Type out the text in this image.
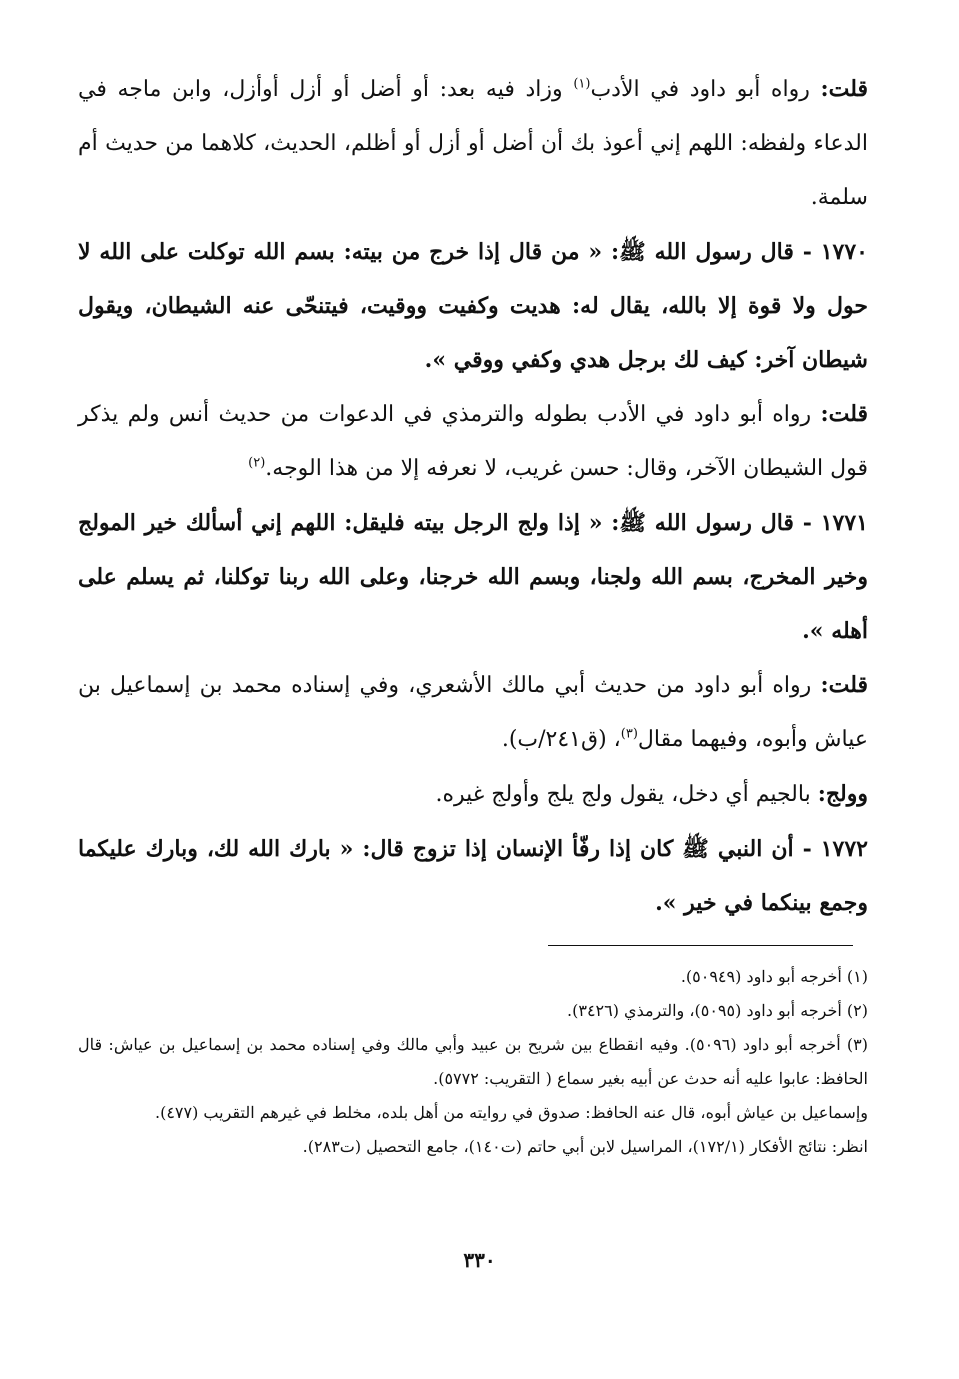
قلت: رواه أبو داود في الأدب$^{(١)}$ وزاد فيه بعد: أو أضل أو أزل أوأزل، وابن ماجه في الدعاء ولفظه: اللهم إني أعوذ بك أن أضل أو أزل أو أظلم، الحديث، كلاهما من حديث أم سلمة.

١٧٧٠ - قال رسول الله ﷺ: « من قال إذا خرج من بيته: بسم الله توكلت على الله لا حول ولا قوة إلا بالله، يقال له: هديت وكفيت ووقيت، فيتنحّى عنه الشيطان، ويقول شيطان آخر: كيف لك برجل هدي وكفي ووقي ».

قلت: رواه أبو داود في الأدب بطوله والترمذي في الدعوات من حديث أنس ولم يذكر قول الشيطان الآخر، وقال: حسن غريب، لا نعرفه إلا من هذا الوجه.$^{(٢)}$

١٧٧١ - قال رسول الله ﷺ: « إذا ولج الرجل بيته فليقل: اللهم إني أسألك خير المولج وخير المخرج، بسم الله ولجنا، وبسم الله خرجنا، وعلى الله ربنا توكلنا، ثم يسلم على أهله ».

قلت: رواه أبو داود من حديث أبي مالك الأشعري، وفي إسناده محمد بن إسماعيل بن عياش وأبوه، وفيهما مقال$^{(٣)}$، (ق٢٤١/ب).

وولج: بالجيم أي دخل، يقول ولج يلج وأولج غيره.

١٧٧٢ - أن النبي ﷺ كان إذا رفّأ الإنسان إذا تزوج قال: « بارك الله لك، وبارك عليكما وجمع بينكما في خير ».

(١) أخرجه أبو داود (٥٠٩٤٩).

(٢) أخرجه أبو داود (٥٠٩٥)، والترمذي (٣٤٢٦).

(٣) أخرجه أبو داود (٥٠٩٦). وفيه انقطاع بين شريح بن عبيد وأبي مالك وفي إسناده محمد بن إسماعيل بن عياش: قال الحافظ: عابوا عليه أنه حدث عن أبيه بغير سماع ( التقريب: ٥٧٧٢).

وإسماعيل بن عياش أبوه، قال عنه الحافظ: صدوق في روايته من أهل بلده، مخلط في غيرهم التقريب (٤٧٧).

انظر: نتائج الأفكار (١٧٢/١)، المراسيل لابن أبي حاتم (ت١٤٠)، جامع التحصيل (ت٢٨٣).

٣٣٠
